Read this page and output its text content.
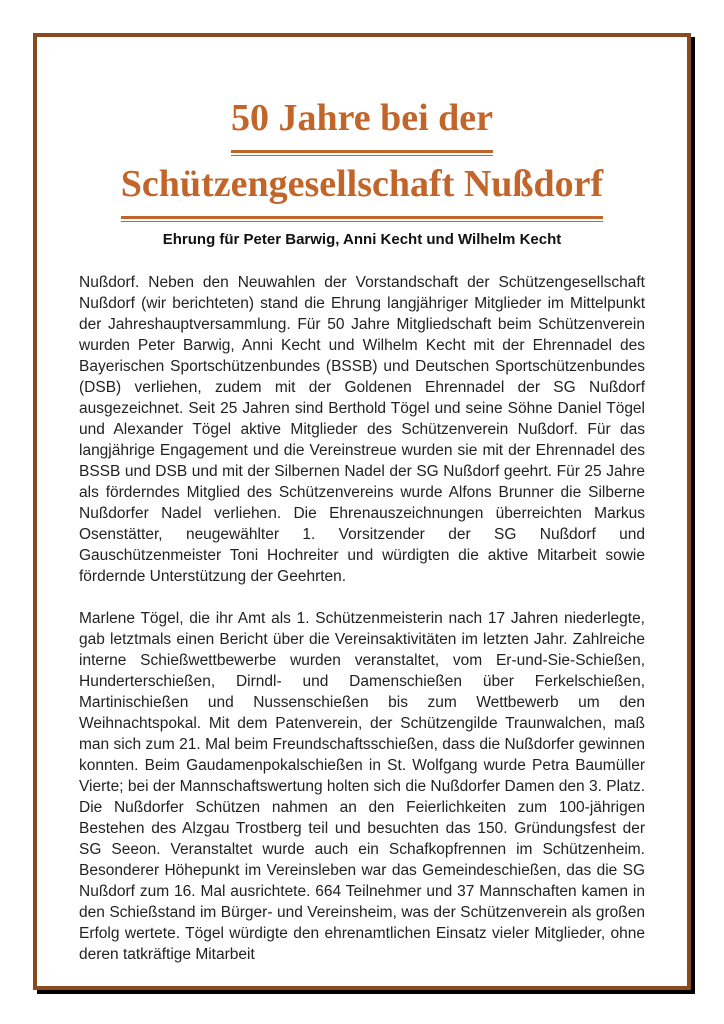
50 Jahre bei der
Schützengesellschaft Nußdorf
Ehrung für Peter Barwig, Anni Kecht und Wilhelm Kecht

Nußdorf. Neben den Neuwahlen der Vorstandschaft der Schützengesellschaft Nußdorf (wir berichteten) stand die Ehrung langjähriger Mitglieder im Mittelpunkt der Jahreshauptversammlung. Für 50 Jahre Mitgliedschaft beim Schützenverein wurden Peter Barwig, Anni Kecht und Wilhelm Kecht mit der Ehrennadel des Bayerischen Sportschützenbundes (BSSB) und Deutschen Sportschützenbundes (DSB) verliehen, zudem mit der Goldenen Ehrennadel der SG Nußdorf ausgezeichnet. Seit 25 Jahren sind Berthold Tögel und seine Söhne Daniel Tögel und Alexander Tögel aktive Mitglieder des Schützenverein Nußdorf. Für das langjährige Engagement und die Vereinstreue wurden sie mit der Ehrennadel des BSSB und DSB und mit der Silbernen Nadel der SG Nußdorf geehrt. Für 25 Jahre als förderndes Mitglied des Schützenvereins wurde Alfons Brunner die Silberne Nußdorfer Nadel verliehen. Die Ehrenauszeichnungen überreichten Markus Osenstätter, neugewählter 1. Vorsitzender der SG Nußdorf und Gauschützenmeister Toni Hochreiter und würdigten die aktive Mitarbeit sowie fördernde Unterstützung der Geehrten.

Marlene Tögel, die ihr Amt als 1. Schützenmeisterin nach 17 Jahren niederlegte, gab letztmals einen Bericht über die Vereinsaktivitäten im letzten Jahr. Zahlreiche interne Schießwettbewerbe wurden veranstaltet, vom Er-und-Sie-Schießen, Hunderterschießen, Dirndl- und Damenschießen über Ferkelschießen, Martinischießen und Nussenschießen bis zum Wettbewerb um den Weihnachtspokal. Mit dem Patenverein, der Schützengilde Traunwalchen, maß man sich zum 21. Mal beim Freundschaftsschießen, dass die Nußdorfer gewinnen konnten. Beim Gaudamenpokalschießen in St. Wolfgang wurde Petra Baumüller Vierte; bei der Mannschaftswertung holten sich die Nußdorfer Damen den 3. Platz. Die Nußdorfer Schützen nahmen an den Feierlichkeiten zum 100-jährigen Bestehen des Alzgau Trostberg teil und besuchten das 150. Gründungsfest der SG Seeon. Veranstaltet wurde auch ein Schafkopfrennen im Schützenheim. Besonderer Höhepunkt im Vereinsleben war das Gemeindeschießen, das die SG Nußdorf zum 16. Mal ausrichtete. 664 Teilnehmer und 37 Mannschaften kamen in den Schießstand im Bürger- und Vereinsheim, was der Schützenverein als großen Erfolg wertete. Tögel würdigte den ehrenamtlichen Einsatz vieler Mitglieder, ohne deren tatkräftige Mitarbeit
